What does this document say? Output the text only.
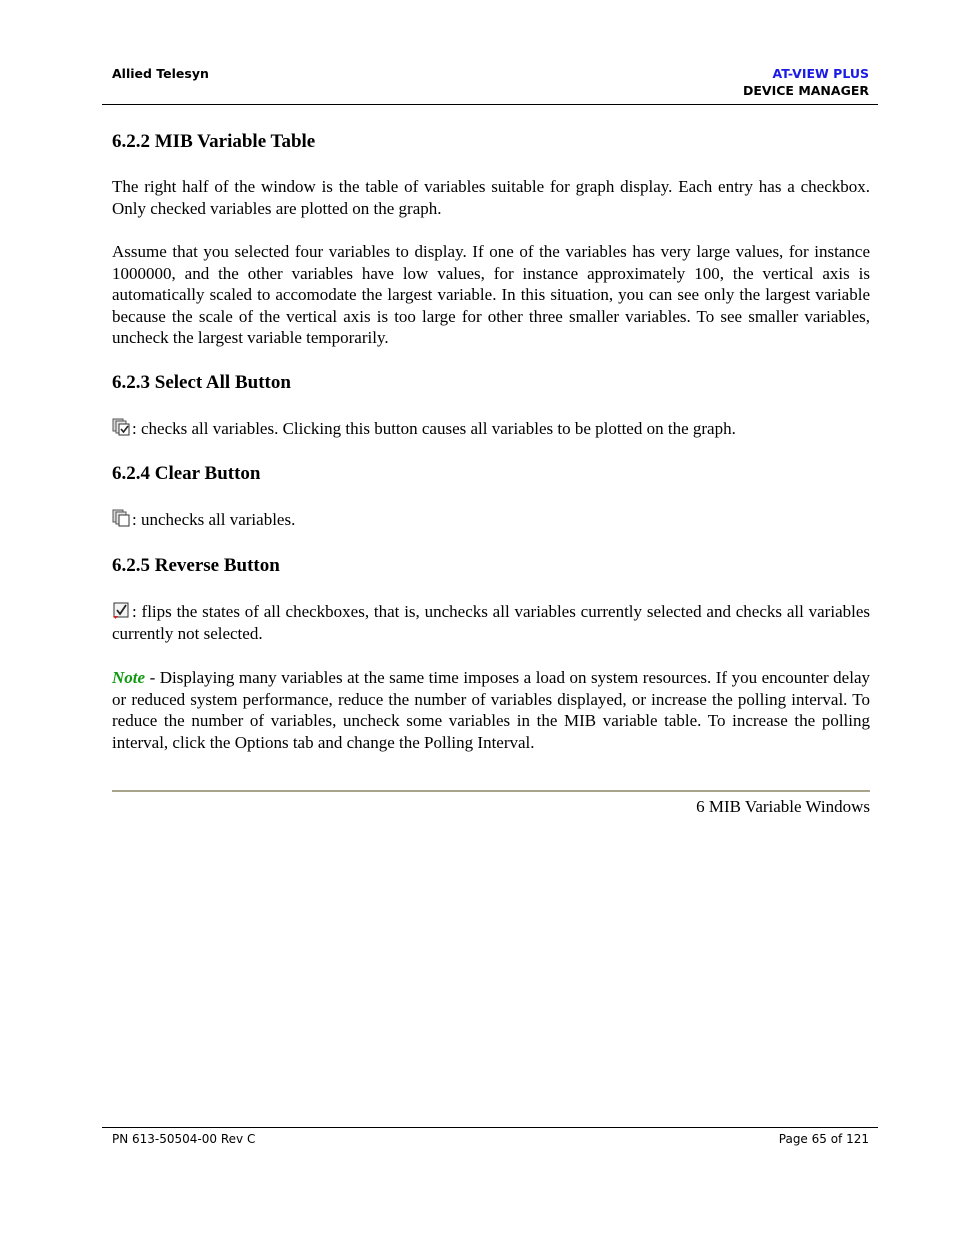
Allied Telesyn	AT-VIEW PLUS
DEVICE MANAGER
6.2.2 MIB Variable Table

The right half of the window is the table of variables suitable for graph display. Each entry has a checkbox. Only checked variables are plotted on the graph.

Assume that you selected four variables to display. If one of the variables has very large values, for instance 1000000, and the other variables have low values, for instance approximately 100, the vertical axis is automatically scaled to accomodate the largest variable. In this situation, you can see only the largest variable because the scale of the vertical axis is too large for other three smaller variables. To see smaller variables, uncheck the largest variable temporarily.

6.2.3 Select All Button

: checks all variables. Clicking this button causes all variables to be plotted on the graph.

6.2.4 Clear Button

: unchecks all variables.

6.2.5 Reverse Button

: flips the states of all checkboxes, that is, unchecks all variables currently selected and checks all variables currently not selected.

Note - Displaying many variables at the same time imposes a load on system resources. If you encounter delay or reduced system performance, reduce the number of variables displayed, or increase the polling interval. To reduce the number of variables, uncheck some variables in the MIB variable table. To increase the polling interval, click the Options tab and change the Polling Interval.

6 MIB Variable Windows
PN 613-50504-00 Rev C	Page 65 of 121
